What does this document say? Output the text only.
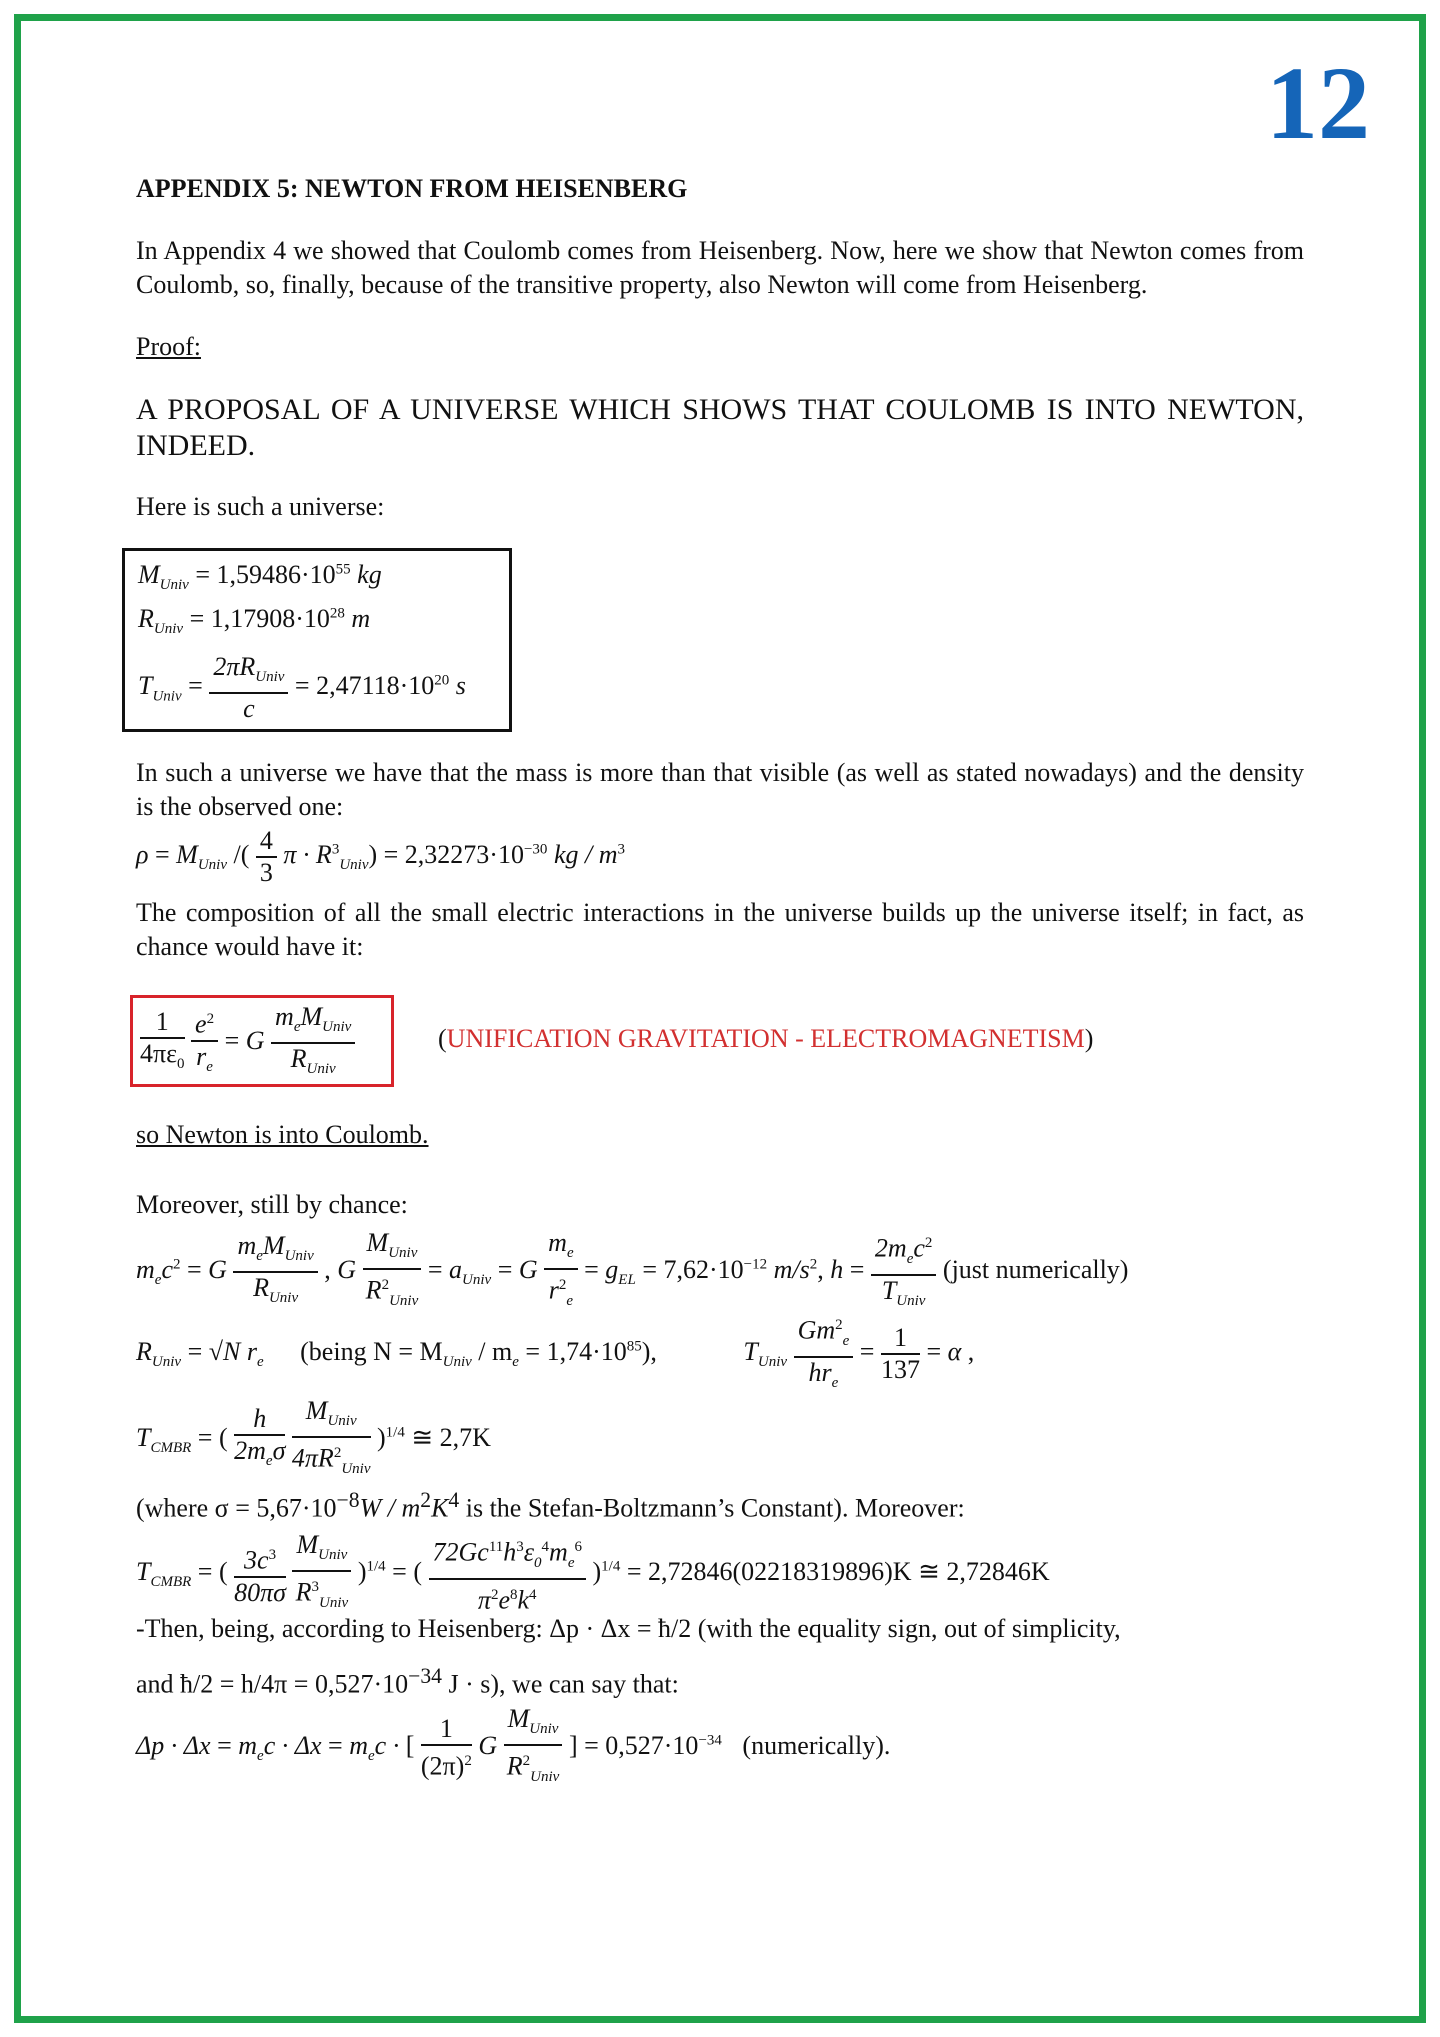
12
APPENDIX 5: NEWTON FROM HEISENBERG
In Appendix 4 we showed that Coulomb comes from Heisenberg. Now, here we show that Newton comes from Coulomb, so, finally, because of the transitive property, also Newton will come from Heisenberg.
Proof:
A PROPOSAL OF A UNIVERSE WHICH SHOWS THAT COULOMB IS INTO NEWTON, INDEED.
Here is such a universe:
$M_{Univ} = 1,59486\cdot 10^{55}$ kg
$R_{Univ} = 1,17908\cdot 10^{28}$ m
$T_{Univ} = \frac{2\pi R_{Univ}}{c} = 2,47118\cdot 10^{20}$ s
In such a universe we have that the mass is more than that visible (as well as stated nowadays) and the density is the observed one:
$\rho = M_{Univ}$ /( $\frac{4}{3}$ $\pi \cdot R^3_{Univ}) = 2,32273\cdot 10^{-30}$ kg / $m^3$
The composition of all the small electric interactions in the universe builds up the universe itself; in fact, as chance would have it:
$\frac{1}{4\pi\varepsilon_0}$
$\frac{e^2}{r_e} = G \frac{m_eM_{Univ}}{R_{Univ}}$	(UNIFICATION GRAVITATION - ELECTROMAGNETISM)
so Newton is into Coulomb.
Moreover, still by chance:
$m_ec^2 = G \frac{m_eM_{Univ}}{R_{Univ}}$ , G $\frac{M_{Univ}}{R^2_{Univ}} = a_{Univ} = G \frac{m_e}{r^2_e} = g_{EL} = 7,62\cdot 10^{-12}$ $m/s^2$, $h = \frac{2m_ec^2}{T_{Univ}}$ (just numerically)
$R_{Univ} = √N$ $r_e$ (being $N = M_{Univ} / m_e = 1,74\cdot 10^{85}$),	$T_{Univ} \frac{Gm^2_e}{hr_e} = \frac{1}{137} = \alpha$ ,
$T_{CMBR}$ = ( $\frac{h}{2m_e\sigma}$
$\frac{M_{Univ}}{4\pi R^2_{Univ}} )^{1/4}$ ≅ 2,7K
(where $\sigma = 5,67\cdot 10^{-8}W / m^2K^4$ is the Stefan-Boltzmann’s Constant). Moreover:
$T_{CMBR}$ = ( $\frac{3c^3}{80\pi\sigma}$
$\frac{M_{Univ}}{R^3_{Univ}} )^{1/4}$ = ( $\frac{72Gc^{11}h^3\varepsilon_0^4m_e^6}{\pi^2e^8k^4} )^{1/4} = 2,72846(02218319896)K$ ≅ 2,72846K
-Then, being, according to Heisenberg: Δp · Δx = ħ/2 (with the equality sign, out of simplicity,
and ħ/2 = $h/4\pi = 0,527\cdot 10^{-34}$ J · s), we can say that:
$\Delta p \cdot \Delta x = m_ec \cdot \Delta x = m_ec$ · [ $\frac{1}{(2\pi)^2}$ G $\frac{M_{Univ}}{R^2_{Univ}}$ ] = $0,527\cdot 10^{-34}$ (numerically).
